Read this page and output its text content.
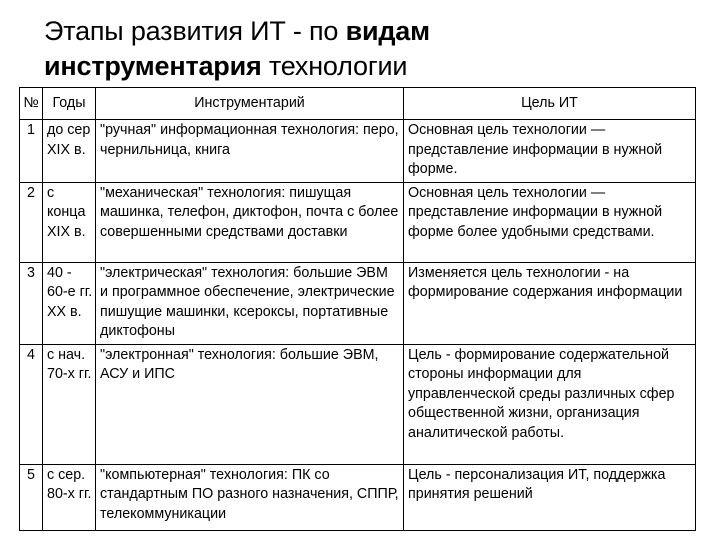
Этапы развития ИТ - по видам
инструментария технологии
№	Годы	Инструментарий	Цель ИТ
1	до сер XIX в.	"ручная" информационная технология: перо, чернильница, книга	Основная цель технологии — представление информации в нужной форме.
2	с конца XIX в.	"механическая" технология: пишущая машинка, телефон, диктофон, почта с более совершенными средствами доставки	Основная цель технологии — представление информации в нужной форме более удобными средствами.
3	40 - 60-е гг. XX в.	"электрическая" технология: большие ЭВМ и программное обеспечение, электрические пишущие машинки, ксероксы, портативные диктофоны	Изменяется цель технологии - на формирование содержания информации
4	с нач. 70-х гг.	"электронная" технология: большие ЭВМ, АСУ и ИПС	Цель - формирование содержательной стороны информации для управленческой среды различных сфер общественной жизни, организация аналитической работы.
5	с сер. 80-х гг.	"компьютерная" технология: ПК со стандартным ПО разного назначения, СППР, телекоммуникации	Цель - персонализация ИТ, поддержка принятия решений
